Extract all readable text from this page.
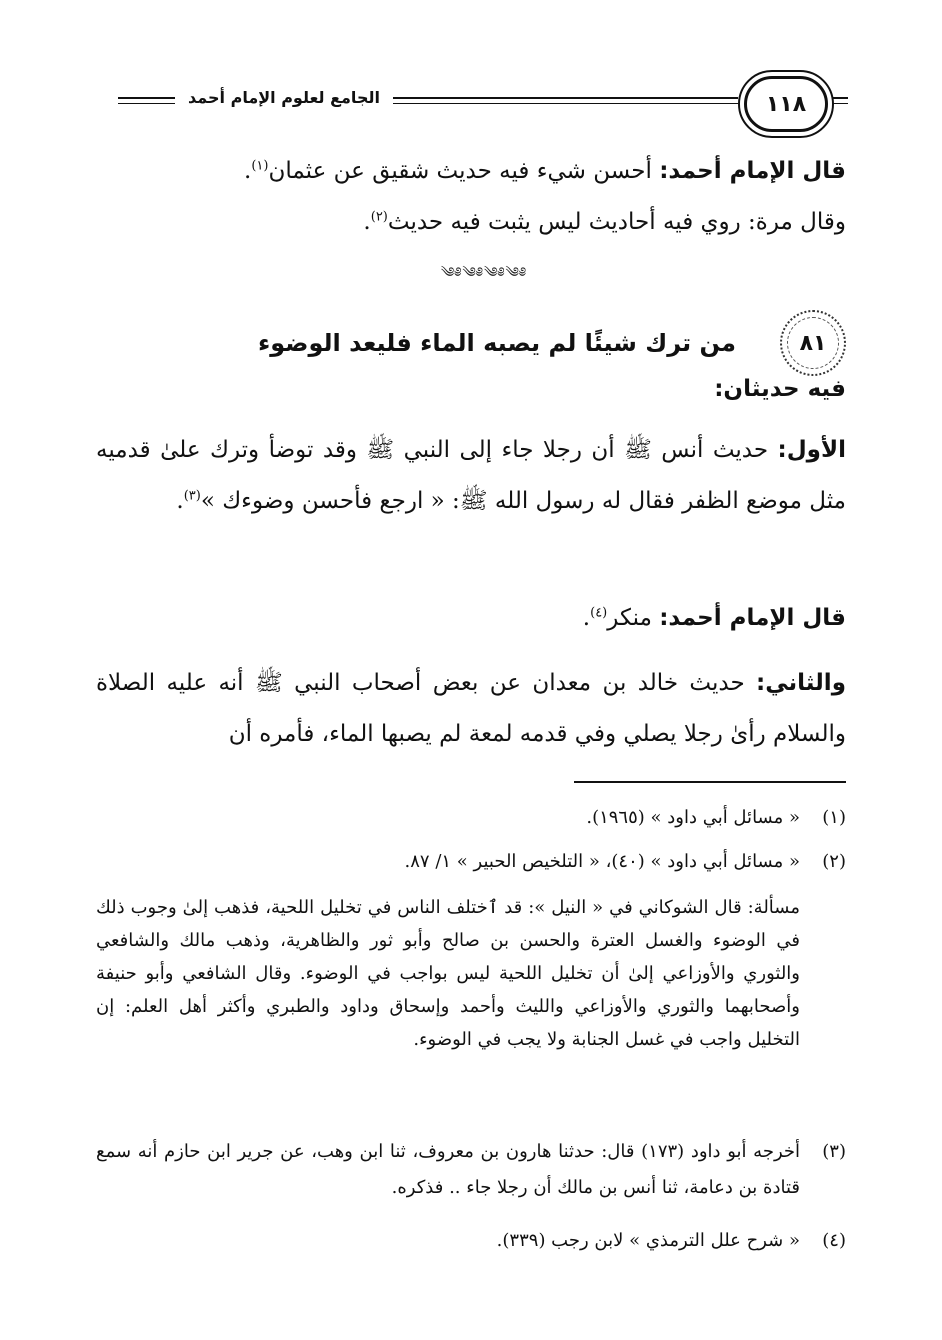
الجامع لعلوم الإمام أحمد	١١٨
قال الإمام أحمد: أحسن شيء فيه حديث شقيق عن عثمان$^{(١)}$.
وقال مرة: روي فيه أحاديث ليس يثبت فيه حديث$^{(٢)}$.
༄༅༄༅༄༅༄༅
٨١
من ترك شيئًا لم يصبه الماء فليعد الوضوء
فيه حديثان:
الأول: حديث أنس ﷺ أن رجلا جاء إلى النبي ﷺ وقد توضأ وترك علىٰ قدميه مثل موضع الظفر فقال له رسول الله ﷺ: « ارجع فأحسن وضوءك »$^{(٣)}$.
قال الإمام أحمد: منكر$^{(٤)}$.
والثاني: حديث خالد بن معدان عن بعض أصحاب النبي ﷺ أنه عليه الصلاة والسلام رأىٰ رجلا يصلي وفي قدمه لمعة لم يصبها الماء، فأمره أن
(١)
« مسائل أبي داود » (١٩٦٥).
(٢)
« مسائل أبي داود » (٤٠)، « التلخيص الحبير » ١/ ٨٧.
مسألة: قال الشوكاني في « النيل »: قد ٱختلف الناس في تخليل اللحية، فذهب إلىٰ وجوب ذلك في الوضوء والغسل العترة والحسن بن صالح وأبو ثور والظاهرية، وذهب مالك والشافعي والثوري والأوزاعي إلىٰ أن تخليل اللحية ليس بواجب في الوضوء. وقال الشافعي وأبو حنيفة وأصحابهما والثوري والأوزاعي والليث وأحمد وإسحاق وداود والطبري وأكثر أهل العلم: إن التخليل واجب في غسل الجنابة ولا يجب في الوضوء.
(٣)
أخرجه أبو داود (١٧٣) قال: حدثنا هارون بن معروف، ثنا ابن وهب، عن جرير ابن حازم أنه سمع قتادة بن دعامة، ثنا أنس بن مالك أن رجلا جاء .. فذكره.
(٤)
« شرح علل الترمذي » لابن رجب (٣٣٩).
